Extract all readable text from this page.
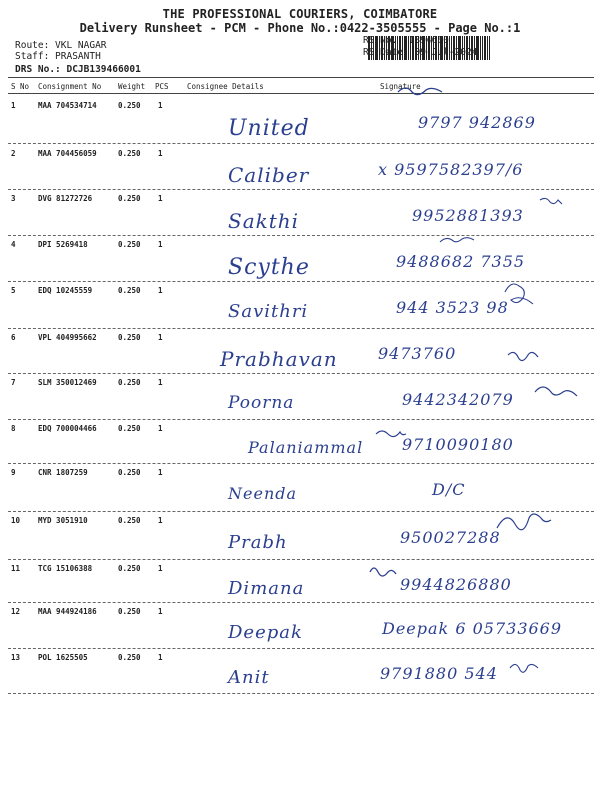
THE PROFESSIONAL COURIERS, COIMBATORE
Delivery Runsheet - PCM - Phone No.:0422-3505555 - Page No.:1
Route: VKL NAGAR
Staff: PRASANTH
DRS No.: DCJB139466001
RS No.: 1394660
RS Date: 09-Jul-2024
S No Consignment No Weight PCS Consignee Details	Signature
1	MAA 704534714	0.250 1
United	9797 942869
2	MAA 704456059	0.250 1
Caliber	x 9597582397/6
3	DVG 81272726	0.250 1
Sakthi	9952881393
4	DPI 5269418	0.250 1
Scythe	9488682 7355
5	EDQ 10245559	0.250 1
Savithri	944 3523 98
6	VPL 404995662	0.250 1
Prabhavan	9473760
7	SLM 350012469	0.250 1
Poorna	9442342079
8	EDQ 700004466	0.250 1
Palaniammal 9710090180
9	CNR 1807259	0.250 1
Neenda	D/C
10 MYD 3051910	0.250 1
Prabh	950027288
11 TCG 15106388	0.250 1
Dimana	9944826880
12 MAA 944924186	0.250 1
Deepak	Deepak 6 05733669
13 POL 1625505	0.250 1
Anit	9791880 544
